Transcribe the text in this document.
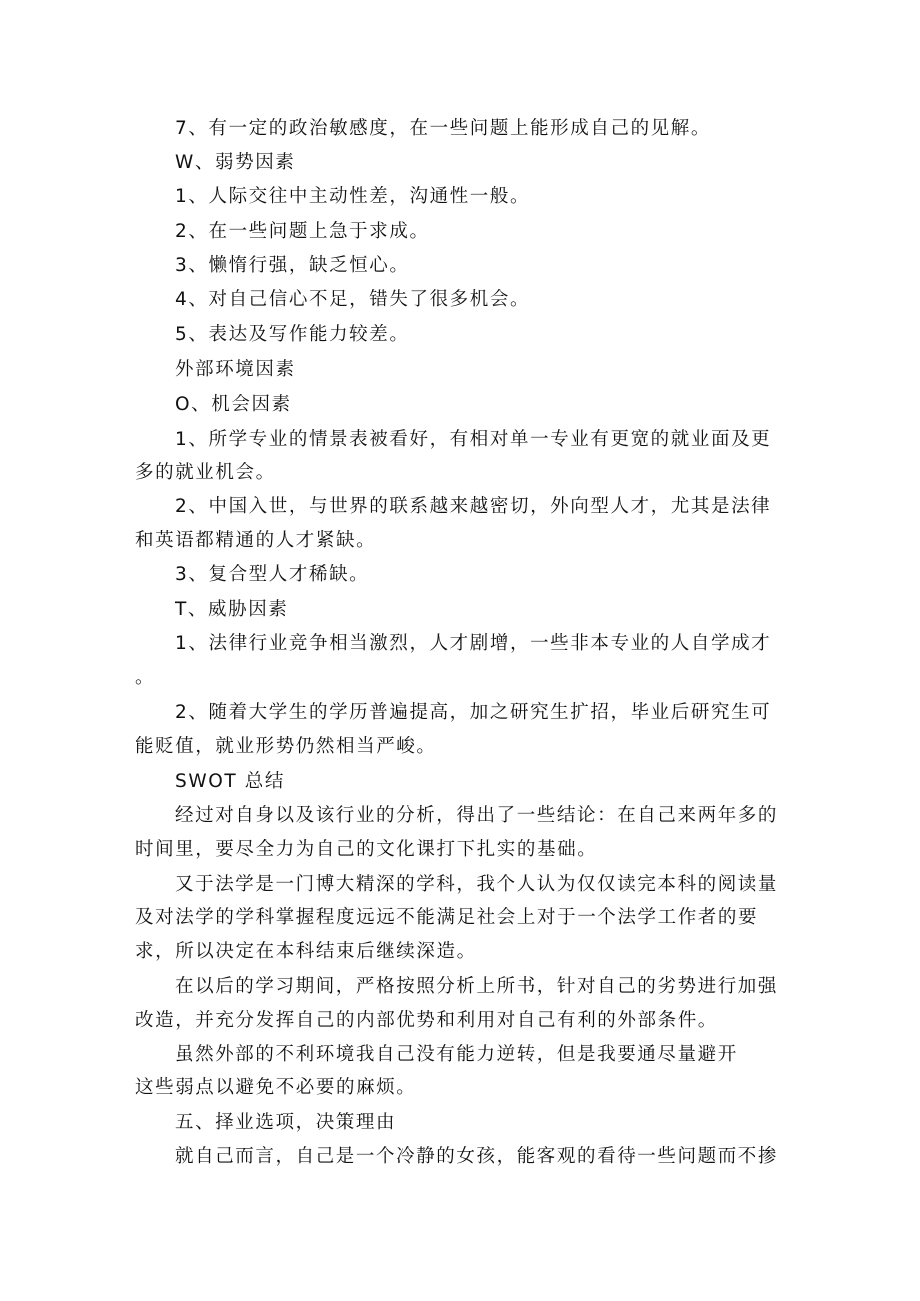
7、有一定的政治敏感度，在一些问题上能形成自己的见解。
W、弱势因素
1、人际交往中主动性差，沟通性一般。
2、在一些问题上急于求成。
3、懒惰行强，缺乏恒心。
4、对自己信心不足，错失了很多机会。
5、表达及写作能力较差。
外部环境因素
O、机会因素
1、所学专业的情景表被看好，有相对单一专业有更宽的就业面及更
多的就业机会。
2、中国入世，与世界的联系越来越密切，外向型人才，尤其是法律
和英语都精通的人才紧缺。
3、复合型人才稀缺。
T、威胁因素
1、法律行业竞争相当激烈，人才剧增，一些非本专业的人自学成才
。
2、随着大学生的学历普遍提高，加之研究生扩招，毕业后研究生可
能贬值，就业形势仍然相当严峻。
SWOT 总结
经过对自身以及该行业的分析，得出了一些结论：在自己来两年多的
时间里，要尽全力为自己的文化课打下扎实的基础。
又于法学是一门博大精深的学科，我个人认为仅仅读完本科的阅读量
及对法学的学科掌握程度远远不能满足社会上对于一个法学工作者的要
求，所以决定在本科结束后继续深造。
在以后的学习期间，严格按照分析上所书，针对自己的劣势进行加强
改造，并充分发挥自己的内部优势和利用对自己有利的外部条件。
虽然外部的不利环境我自己没有能力逆转，但是我要通尽量避开
这些弱点以避免不必要的麻烦。
五、择业选项，决策理由
就自己而言，自己是一个冷静的女孩，能客观的看待一些问题而不掺
